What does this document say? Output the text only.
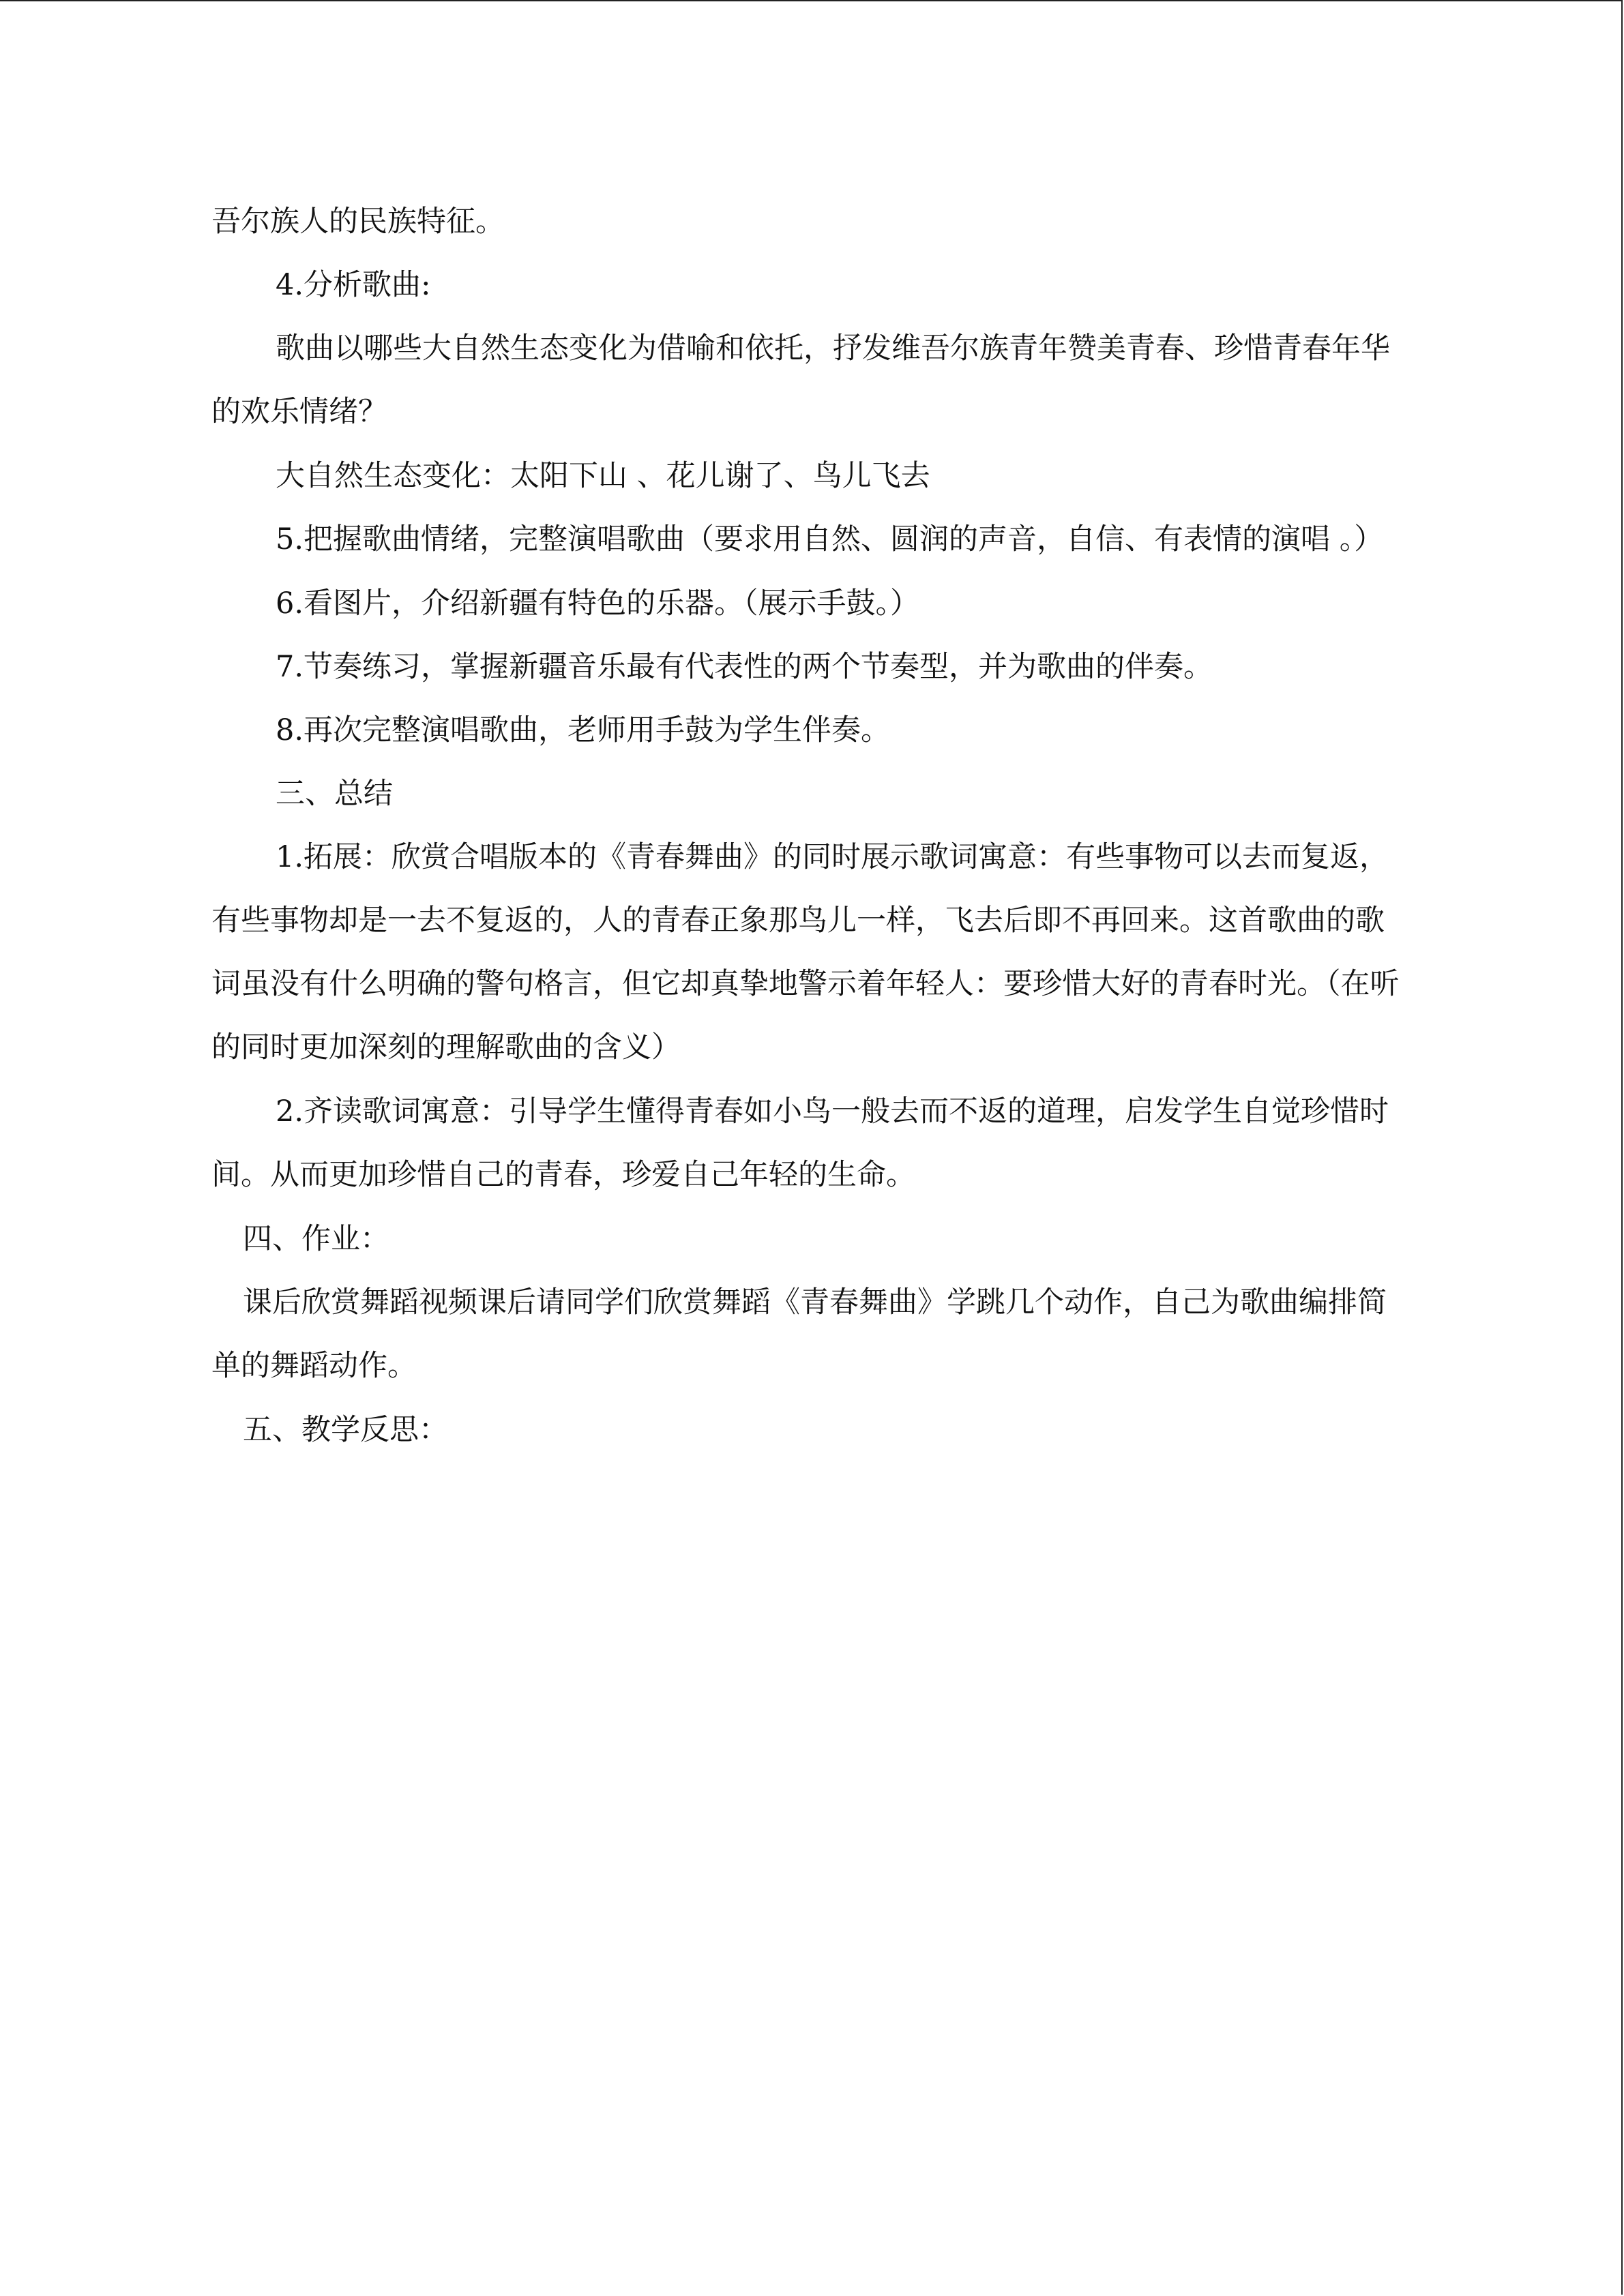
吾尔族人的民族特征。
4.分析歌曲:
歌曲以哪些大自然生态变化为借喻和依托，抒发维吾尔族青年赞美青春、珍惜青春年华的欢乐情绪？
大自然生态变化：太阳下山 、花儿谢了、鸟儿飞去
5.把握歌曲情绪，完整演唱歌曲（要求用自然、圆润的声音，自信、有表情的演唱 。）
6.看图片，介绍新疆有特色的乐器。（展示手鼓。）
7.节奏练习，掌握新疆音乐最有代表性的两个节奏型，并为歌曲的伴奏。
8.再次完整演唱歌曲，老师用手鼓为学生伴奏。
三、总结
1.拓展：欣赏合唱版本的《青春舞曲》的同时展示歌词寓意：有些事物可以去而复返，有些事物却是一去不复返的，人的青春正象那鸟儿一样，飞去后即不再回来。这首歌曲的歌词虽没有什么明确的警句格言，但它却真挚地警示着年轻人：要珍惜大好的青春时光。（在听的同时更加深刻的理解歌曲的含义）
2.齐读歌词寓意：引导学生懂得青春如小鸟一般去而不返的道理，启发学生自觉珍惜时间。从而更加珍惜自己的青春，珍爱自己年轻的生命。
四、作业：
课后欣赏舞蹈视频课后请同学们欣赏舞蹈《青春舞曲》学跳几个动作，自己为歌曲编排简单的舞蹈动作。
五、教学反思：
